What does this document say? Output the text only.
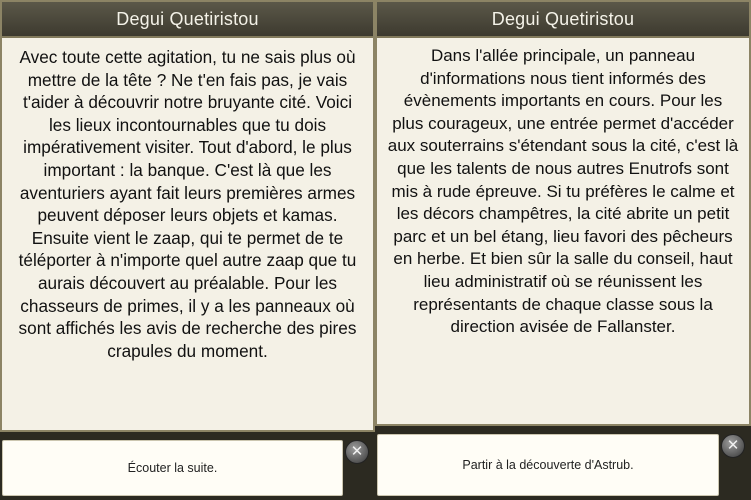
Degui Quetiristou
Avec toute cette agitation, tu ne sais plus où mettre de la tête ? Ne t'en fais pas, je vais t'aider à découvrir notre bruyante cité. Voici les lieux incontournables que tu dois impérativement visiter. Tout d'abord, le plus important : la banque. C'est là que les aventuriers ayant fait leurs premières armes peuvent déposer leurs objets et kamas. Ensuite vient le zaap, qui te permet de te téléporter à n'importe quel autre zaap que tu aurais découvert au préalable. Pour les chasseurs de primes, il y a les panneaux où sont affichés les avis de recherche des pires crapules du moment.
Écouter la suite.
✕
Degui Quetiristou
Dans l'allée principale, un panneau d'informations nous tient informés des évènements importants en cours. Pour les plus courageux, une entrée permet d'accéder aux souterrains s'étendant sous la cité, c'est là que les talents de nous autres Enutrofs sont mis à rude épreuve. Si tu préfères le calme et les décors champêtres, la cité abrite un petit parc et un bel étang, lieu favori des pêcheurs en herbe. Et bien sûr la salle du conseil, haut lieu administratif où se réunissent les représentants de chaque classe sous la direction avisée de Fallanster.
Partir à la découverte d'Astrub.
✕
